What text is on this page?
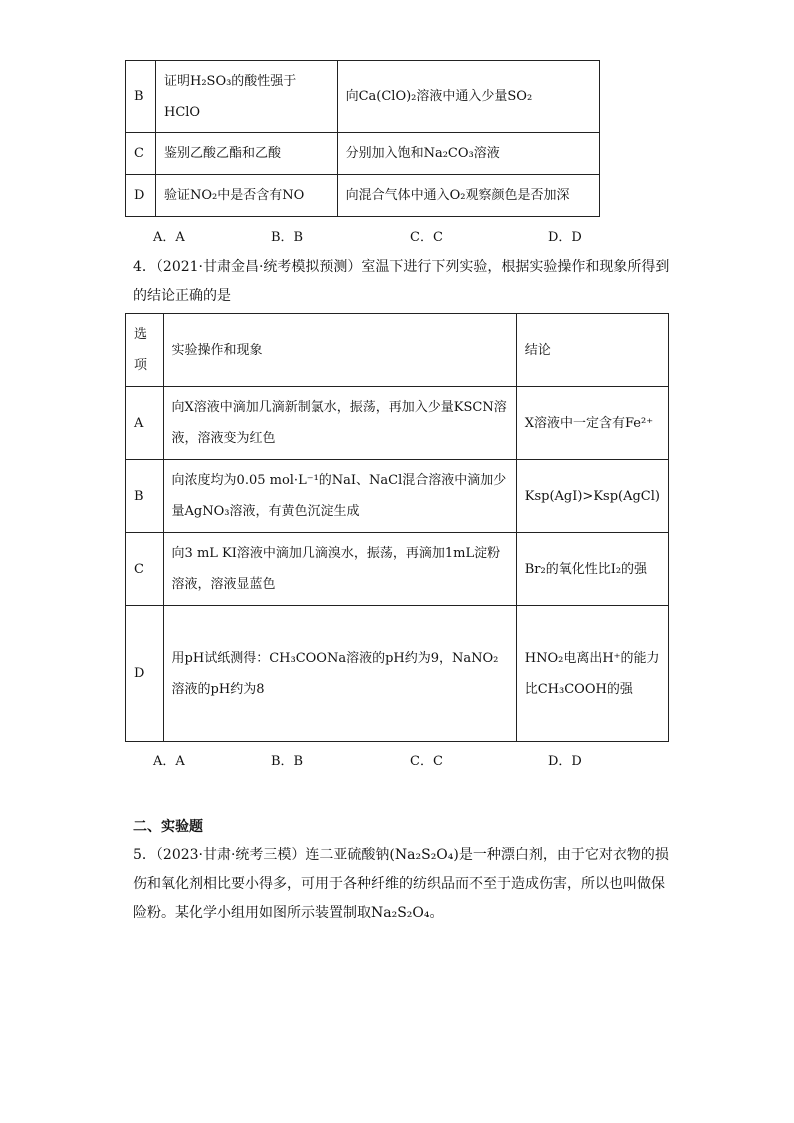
B	证明H₂SO₃的酸性强于HClO	向Ca(ClO)₂溶液中通入少量SO₂
C	鉴别乙酸乙酯和乙酸	分别加入饱和Na₂CO₃溶液
D	验证NO₂中是否含有NO	向混合气体中通入O₂观察颜色是否加深
A．A	B．B	C．C	D．D
4．（2021·甘肃金昌·统考模拟预测）室温下进行下列实验，根据实验操作和现象所得到的结论正确的是
选项	实验操作和现象	结论
A	向X溶液中滴加几滴新制氯水，振荡，再加入少量KSCN溶液，溶液变为红色	X溶液中一定含有Fe²⁺
B	向浓度均为0.05 mol·L⁻¹的NaI、NaCl混合溶液中滴加少量AgNO₃溶液，有黄色沉淀生成	Ksp(AgI)>Ksp(AgCl)
C	向3 mL KI溶液中滴加几滴溴水，振荡，再滴加1mL淀粉溶液，溶液显蓝色	Br₂的氧化性比I₂的强
D	用pH试纸测得：CH₃COONa溶液的pH约为9，NaNO₂溶液的pH约为8	HNO₂电离出H⁺的能力比CH₃COOH的强
A．A	B．B	C．C	D．D
二、实验题
5．（2023·甘肃·统考三模）连二亚硫酸钠(Na₂S₂O₄)是一种漂白剂，由于它对衣物的损伤和氧化剂相比要小得多，可用于各种纤维的纺织品而不至于造成伤害，所以也叫做保险粉。某化学小组用如图所示装置制取Na₂S₂O₄。
